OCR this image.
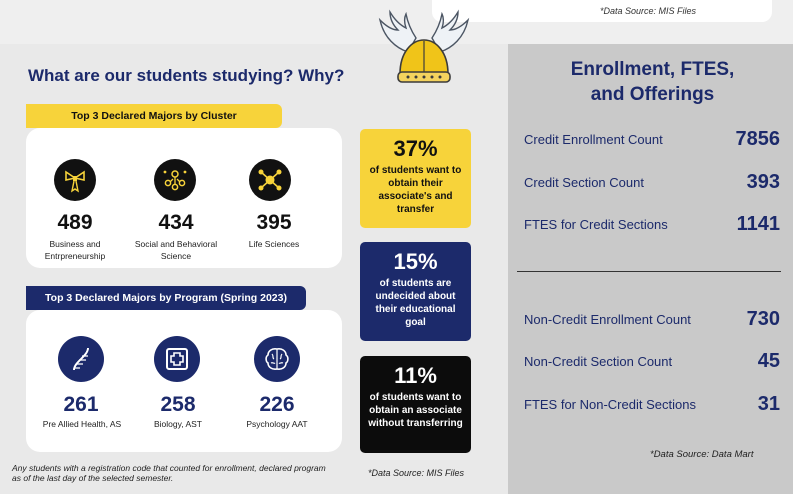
*Data Source: MIS Files
What are our students studying? Why?
Top 3 Declared Majors by Cluster
489	434	395
Business and Entrpreneurship
Social and Behavioral Science
Life Sciences
Top 3 Declared Majors by Program (Spring 2023)
261	258	226
Pre Allied Health, AS	Biology, AST	Psychology AAT
37%
of students want to obtain their associate's and transfer
15%
of students are undecided about their educational goal
11%
of students want to obtain an associate without transferring
Any students with a registration code that counted for enrollment, declared program as of the last day of the selected semester.	*Data Source: MIS Files
Enrollment, FTES,
and Offerings
Credit Enrollment Count	7856
Credit Section Count	393
FTES for Credit Sections	1141
Non-Credit Enrollment Count	730
Non-Credit Section Count	45
FTES for Non-Credit Sections	31
*Data Source: Data Mart
